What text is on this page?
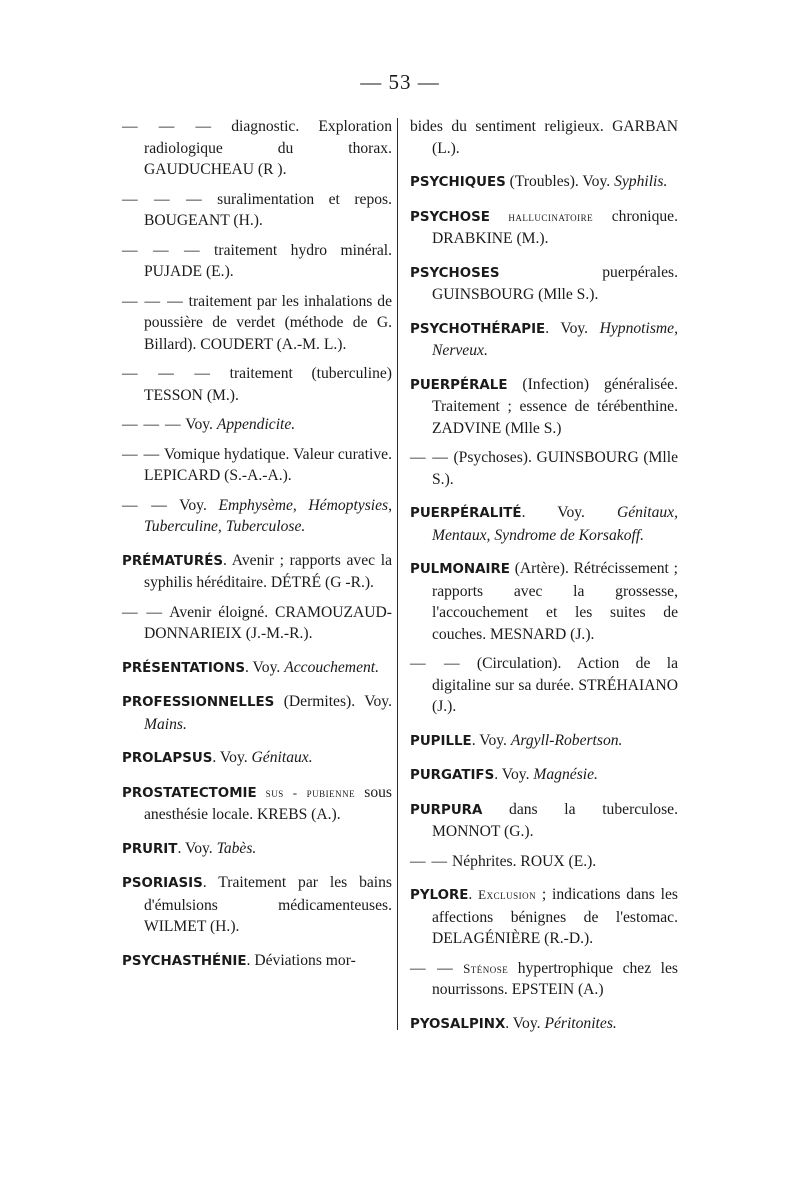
— 53 —
— — — diagnostic. Exploration radiologique du thorax. GAUDUCHEAU (R ).
— — — suralimentation et repos. BOUGEANT (H.).
— — — traitement hydro minéral. PUJADE (E.).
— — — traitement par les inhalations de poussière de verdet (méthode de G. Billard). COUDERT (A.-M. L.).
— — — traitement (tuberculine) TESSON (M.).
— — — Voy. Appendicite.
— — Vomique hydatique. Valeur curative. LEPICARD (S.-A.-A.).
— — Voy. Emphysème, Hémoptysies, Tuberculine, Tuberculose.
PRÉMATURÉS. Avenir ; rapports avec la syphilis héréditaire. DÉTRÉ (G -R.).
— — Avenir éloigné. CRAMOUZAUD-DONNARIEIX (J.-M.-R.).
PRÉSENTATIONS. Voy. Accouchement.
PROFESSIONNELLES (Dermites). Voy. Mains.
PROLAPSUS. Voy. Génitaux.
PROSTATECTOMIE sus - pubienne sous anesthésie locale. KREBS (A.).
PRURIT. Voy. Tabès.
PSORIASIS. Traitement par les bains d'émulsions médicamenteuses. WILMET (H.).
PSYCHASTHÉNIE. Déviations mor-
bides du sentiment religieux. GARBAN (L.).
PSYCHIQUES (Troubles). Voy. Syphilis.
PSYCHOSE hallucinatoire chronique. DRABKINE (M.).
PSYCHOSES puerpérales. GUINSBOURG (Mlle S.).
PSYCHOTHÉRAPIE. Voy. Hypnotisme, Nerveux.
PUERPÉRALE (Infection) généralisée. Traitement ; essence de térébenthine. ZADVINE (Mlle S.)
— — (Psychoses). GUINSBOURG (Mlle S.).
PUERPÉRALITÉ. Voy. Génitaux, Mentaux, Syndrome de Korsakoff.
PULMONAIRE (Artère). Rétrécissement ; rapports avec la grossesse, l'accouchement et les suites de couches. MESNARD (J.).
— — (Circulation). Action de la digitaline sur sa durée. STRÉHAIANO (J.).
PUPILLE. Voy. Argyll-Robertson.
PURGATIFS. Voy. Magnésie.
PURPURA dans la tuberculose. MONNOT (G.).
— — Néphrites. ROUX (E.).
PYLORE. Exclusion ; indications dans les affections bénignes de l'estomac. DELAGÉNIÈRE (R.-D.).
— — Sténose hypertrophique chez les nourrissons. EPSTEIN (A.)
PYOSALPINX. Voy. Péritonites.
